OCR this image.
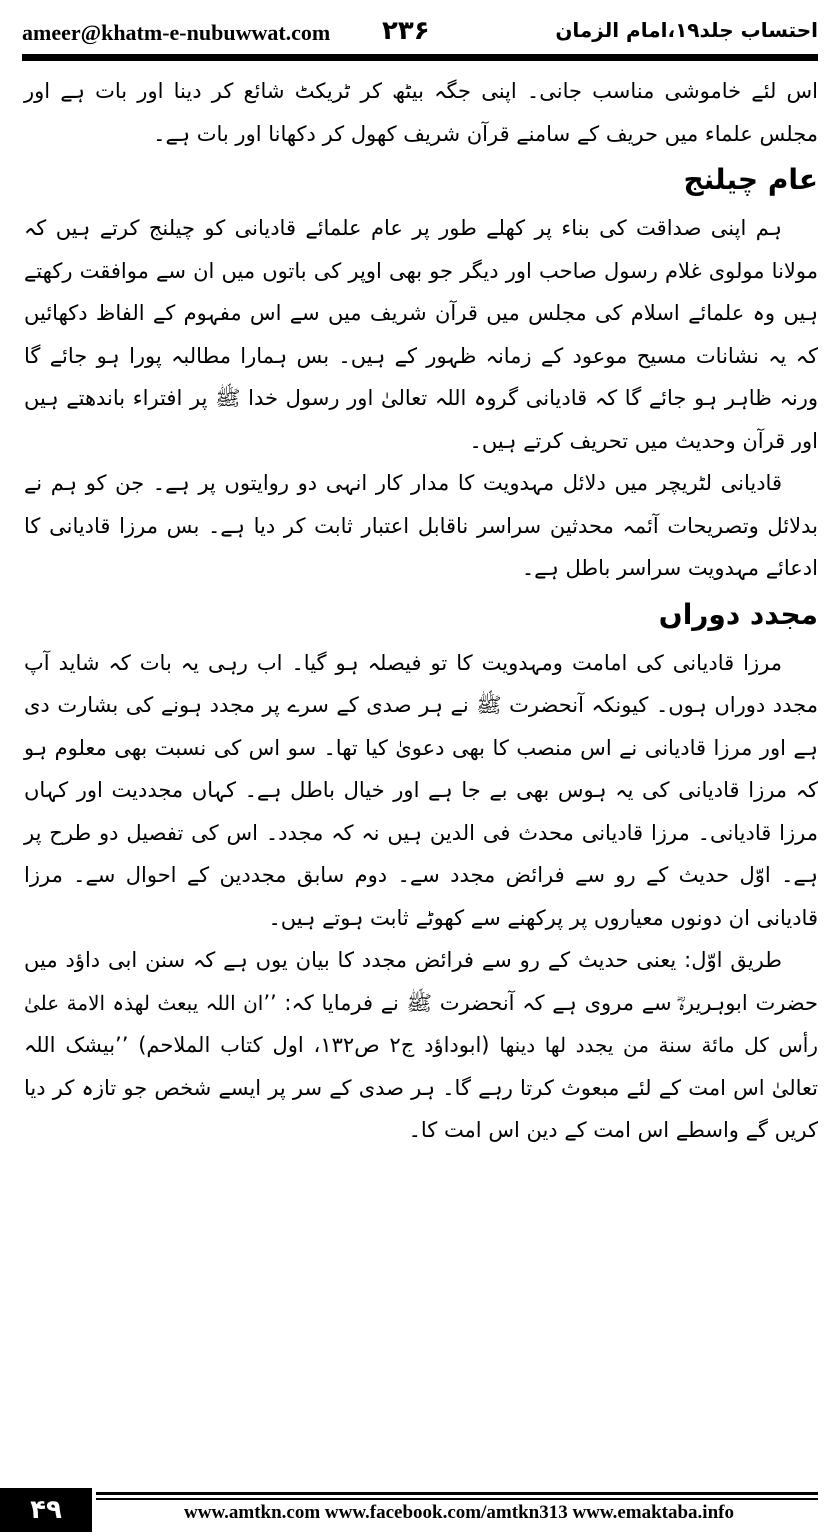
ameer@khatm-e-nubuwwat.com ۲۳۶	احتساب جلد۱۹،امام الزمان

اس لئے خاموشی مناسب جانی۔ اپنی جگہ بیٹھ کر ٹریکٹ شائع کر دینا اور بات ہے اور مجلس علماء میں حریف کے سامنے قرآن شریف کھول کر دکھانا اور بات ہے۔

عام چیلنج

ہم اپنی صداقت کی بناء پر کھلے طور پر عام علمائے قادیانی کو چیلنج کرتے ہیں کہ مولانا مولوی غلام رسول صاحب اور دیگر جو بھی اوپر کی باتوں میں ان سے موافقت رکھتے ہیں وہ علمائے اسلام کی مجلس میں قرآن شریف میں سے اس مفہوم کے الفاظ دکھائیں کہ یہ نشانات مسیح موعود کے زمانہ ظہور کے ہیں۔ بس ہمارا مطالبہ پورا ہو جائے گا ورنہ ظاہر ہو جائے گا کہ قادیانی گروہ اللہ تعالیٰ اور رسول خدا ﷺ پر افتراء باندھتے ہیں اور قرآن وحدیث میں تحریف کرتے ہیں۔

قادیانی لٹریچر میں دلائل مہدویت کا مدار کار انہی دو روایتوں پر ہے۔ جن کو ہم نے بدلائل وتصریحات آئمہ محدثین سراسر ناقابل اعتبار ثابت کر دیا ہے۔ بس مرزا قادیانی کا ادعائے مہدویت سراسر باطل ہے۔

مجدد دوراں

مرزا قادیانی کی امامت ومہدویت کا تو فیصلہ ہو گیا۔ اب رہی یہ بات کہ شاید آپ مجدد دوراں ہوں۔ کیونکہ آنحضرت ﷺ نے ہر صدی کے سرے پر مجدد ہونے کی بشارت دی ہے اور مرزا قادیانی نے اس منصب کا بھی دعویٰ کیا تھا۔ سو اس کی نسبت بھی معلوم ہو کہ مرزا قادیانی کی یہ ہوس بھی بے جا ہے اور خیال باطل ہے۔ کہاں مجددیت اور کہاں مرزا قادیانی۔ مرزا قادیانی محدث فی الدین ہیں نہ کہ مجدد۔ اس کی تفصیل دو طرح پر ہے۔ اوّل حدیث کے رو سے فرائض مجدد سے۔ دوم سابق مجددین کے احوال سے۔ مرزا قادیانی ان دونوں معیاروں پر پرکھنے سے کھوٹے ثابت ہوتے ہیں۔

طریق اوّل: یعنی حدیث کے رو سے فرائض مجدد کا بیان یوں ہے کہ سنن ابی داؤد میں حضرت ابوہریرہؓ سے مروی ہے کہ آنحضرت ﷺ نے فرمایا کہ: ’’ان اللہ یبعث لھذہ الامة علیٰ رأس کل مائة سنة من یجدد لھا دینھا (ابوداؤد ج۲ ص۱۳۲، اول کتاب الملاحم) ’’بیشک اللہ تعالیٰ اس امت کے لئے مبعوث کرتا رہے گا۔ ہر صدی کے سر پر ایسے شخص جو تازہ کر دیا کریں گے واسطے اس امت کے دین اس امت کا۔

۴۹	www.amtkn.com www.facebook.com/amtkn313 www.emaktaba.info
